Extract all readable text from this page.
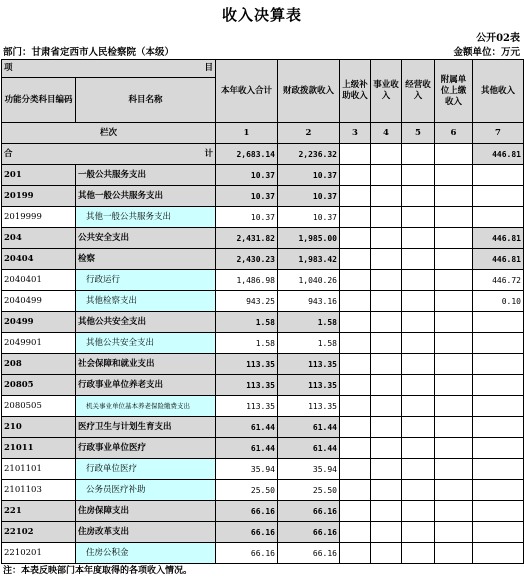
收入决算表
公开02表
部门：甘肃省定西市人民检察院（本级）	金额单位：万元
项 目		本年收入合计	财政拨款收入	上级补助收入	事业收入	经营收入	附属单位上缴收入	其他收入
功能分类科目编码	科目名称							
栏次		1	2	3	4	5	6	7

合 计		2,683.14	2,236.32					446.81
201	一般公共服务支出	10.37	10.37					
20199	其他一般公共服务支出	10.37	10.37					
2019999	其他一般公共服务支出	10.37	10.37					
204	公共安全支出	2,431.82	1,985.00					446.81
20404	检察	2,430.23	1,983.42					446.81
2040401	行政运行	1,486.98	1,040.26					446.72
2040499	其他检察支出	943.25	943.16					0.10
20499	其他公共安全支出	1.58	1.58					
2049901	其他公共安全支出	1.58	1.58					
208	社会保障和就业支出	113.35	113.35					
20805	行政事业单位养老支出	113.35	113.35					
2080505	机关事业单位基本养老保险缴费支出	113.35	113.35					
210	医疗卫生与计划生育支出	61.44	61.44					
21011	行政事业单位医疗	61.44	61.44					
2101101	行政单位医疗	35.94	35.94					
2101103	公务员医疗补助	25.50	25.50					
221	住房保障支出	66.16	66.16					
22102	住房改革支出	66.16	66.16					
2210201	住房公积金	66.16	66.16					
注：本表反映部门本年度取得的各项收入情况。
